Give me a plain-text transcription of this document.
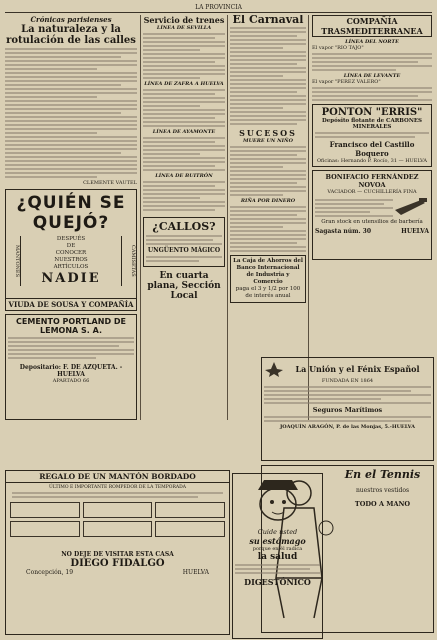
LA PROVINCIA
Crónicas parisienses
La naturaleza y la rotulación de las calles
CLEMENTE VAUTEL
¿QUIÉN SE QUEJÓ?
MANTONES
DESPUÉS
DE
CONOCER
NUESTROS
ARTÍCULOS
NADIE
CAMISETAS
VIUDA DE SOUSA Y COMPAÑÍA
CEMENTO PORTLAND DE LEMONA S. A.
Depositario: F. DE AZQUETA. - HUELVA
APARTADO 66
Servicio de trenes
LÍNEA DE SEVILLA
LÍNEA DE ZAFRA A HUELVA
LÍNEA DE AYAMONTE
LÍNEA DE BUITRÓN
¿CALLOS?
UNGÜENTO MÁGICO
En cuarta plana, Sección Local
El Carnaval
SUCESOS
MUERE UN NIÑO
RIÑA POR DINERO
La Caja de Ahorros del Banco Internacional de Industria y Comercio
paga el 3 y 1/2 por 100 de interés anual
COMPAÑÍA TRASMEDITERRANEA
LÍNEA DEL NORTE
El vapor "RIO TAJO"
LÍNEA DE LEVANTE
El vapor "PEREZ VALERO"
PONTON "ERRIS"
Depósito flotante de CARBONES MINERALES
Francisco del Castillo Boquero
Oficinas: Hernando P. Rocío, 31 — HUELVA
BONIFACIO FERNÁNDEZ NOVOA
VACIADOR — CUCHILLERÍA FINA
Gran stock en utensilios de barbería
Sagasta núm. 30	HUELVA
La Unión y el Fénix Español
FUNDADA EN 1864
Seguros Marítimos
JOAQUÍN ARAGÓN, P. de las Monjas, 5.-HUELVA
En el Tennis
nuestros vestidos
TODO A MANO
Cuide usted
su estómago
porque en él radica
la salud
DIGESTÓNICO
REGALO DE UN MANTÓN BORDADO
ÚLTIMO E IMPORTANTE ROMPEDOR DE LA TEMPORADA
NO DEJE DE VISITAR ESTA CASA
DIEGO FIDALGO
Concepción, 19	HUELVA
